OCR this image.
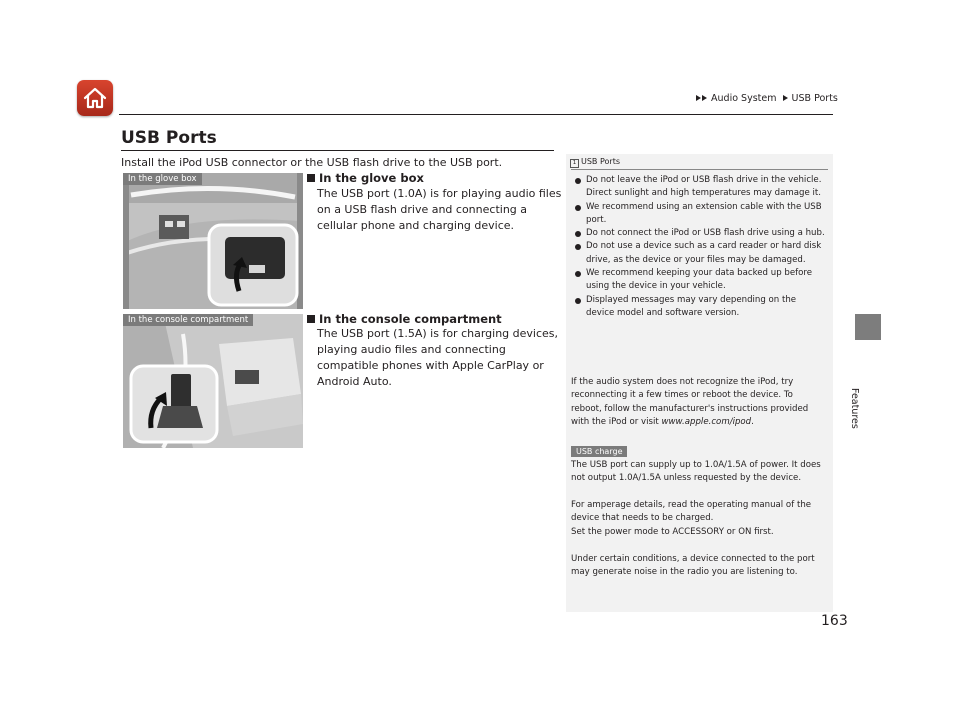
Audio System USB Ports
Features
USB Ports
Install the iPod USB connector or the USB flash drive to the USB port.
In the glove box
In the console compartment
In the glove box
The USB port (1.0A) is for playing audio files on a USB flash drive and connecting a cellular phone and charging device.
In the console compartment
The USB port (1.5A) is for charging devices, playing audio files and connecting compatible phones with Apple CarPlay or Android Auto.
1 USB Ports
Do not leave the iPod or USB flash drive in the vehicle. Direct sunlight and high temperatures may damage it.
We recommend using an extension cable with the USB port.
Do not connect the iPod or USB flash drive using a hub.
Do not use a device such as a card reader or hard disk drive, as the device or your files may be damaged.
We recommend keeping your data backed up before using the device in your vehicle.
Displayed messages may vary depending on the device model and software version.
If the audio system does not recognize the iPod, try reconnecting it a few times or reboot the device. To reboot, follow the manufacturer's instructions provided with the iPod or visit www.apple.com/ipod.
USB charge
The USB port can supply up to 1.0A/1.5A of power. It does not output 1.0A/1.5A unless requested by the device.
For amperage details, read the operating manual of the device that needs to be charged.
Set the power mode to ACCESSORY or ON first.
Under certain conditions, a device connected to the port may generate noise in the radio you are listening to.
163
